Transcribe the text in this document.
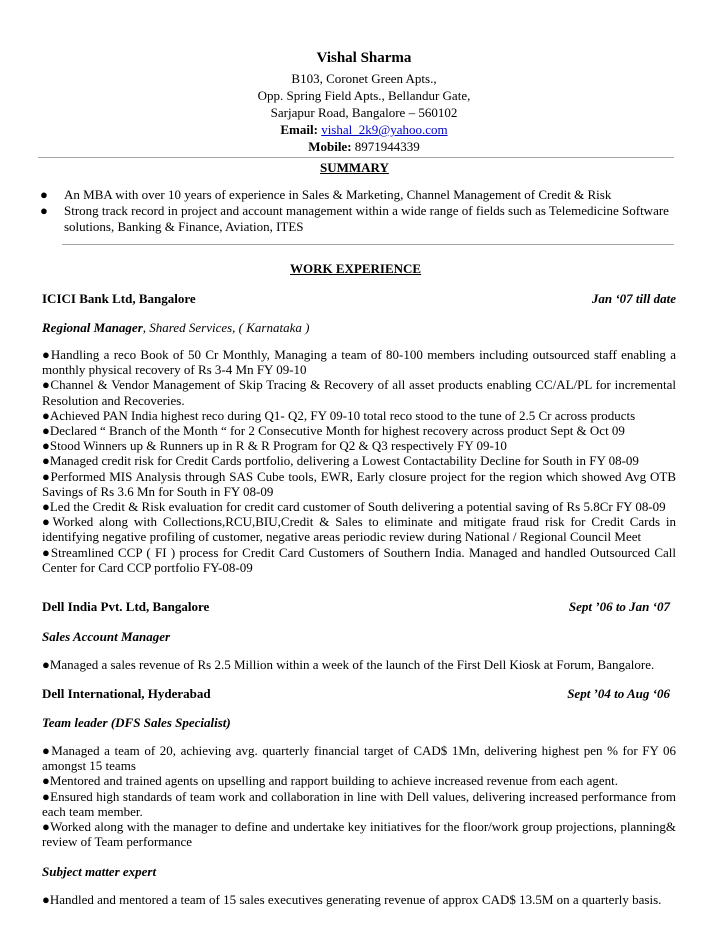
Vishal Sharma
B103, Coronet Green Apts.,
Opp. Spring Field Apts., Bellandur Gate,
Sarjapur Road, Bangalore – 560102
Email: vishal_2k9@yahoo.com
Mobile: 8971944339
SUMMARY
● An MBA with over 10 years of experience in Sales & Marketing, Channel Management of Credit & Risk
● Strong track record in project and account management within a wide range of fields such as Telemedicine Software solutions, Banking & Finance, Aviation, ITES
WORK EXPERIENCE
ICICI Bank Ltd, Bangalore	Jan ‘07 till date
Regional Manager, Shared Services, ( Karnataka )

●Handling a reco Book of 50 Cr Monthly, Managing a team of 80-100 members including outsourced staff enabling a monthly physical recovery of Rs 3-4 Mn FY 09-10

●Channel & Vendor Management of Skip Tracing & Recovery of all asset products enabling CC/AL/PL for incremental Resolution and Recoveries.

●Achieved PAN India highest reco during Q1- Q2, FY 09-10 total reco stood to the tune of 2.5 Cr across products

●Declared “ Branch of the Month “ for 2 Consecutive Month for highest recovery across product Sept & Oct 09

●Stood Winners up & Runners up in R & R Program for Q2 & Q3 respectively FY 09-10

●Managed credit risk for Credit Cards portfolio, delivering a Lowest Contactability Decline for South in FY 08-09

●Performed MIS Analysis through SAS Cube tools, EWR, Early closure project for the region which showed Avg OTB Savings of Rs 3.6 Mn for South in FY 08-09

●Led the Credit & Risk evaluation for credit card customer of South delivering a potential saving of Rs 5.8Cr FY 08-09

●Worked along with Collections,RCU,BIU,Credit & Sales to eliminate and mitigate fraud risk for Credit Cards in identifying negative profiling of customer, negative areas periodic review during National / Regional Council Meet

●Streamlined CCP ( FI ) process for Credit Card Customers of Southern India. Managed and handled Outsourced Call Center for Card CCP portfolio FY-08-09

Dell India Pvt. Ltd, Bangalore	Sept ’06 to Jan ‘07
Sales Account Manager

●Managed a sales revenue of Rs 2.5 Million within a week of the launch of the First Dell Kiosk at Forum, Bangalore.

Dell International, Hyderabad	Sept ’04 to Aug ‘06
Team leader (DFS Sales Specialist)

●Managed a team of 20, achieving avg. quarterly financial target of CAD$ 1Mn, delivering highest pen % for FY 06 amongst 15 teams

●Mentored and trained agents on upselling and rapport building to achieve increased revenue from each agent.

●Ensured high standards of team work and collaboration in line with Dell values, delivering increased performance from each team member.

●Worked along with the manager to define and undertake key initiatives for the floor/work group projections, planning& review of Team performance

Subject matter expert

●Handled and mentored a team of 15 sales executives generating revenue of approx CAD$ 13.5M on a quarterly basis.
